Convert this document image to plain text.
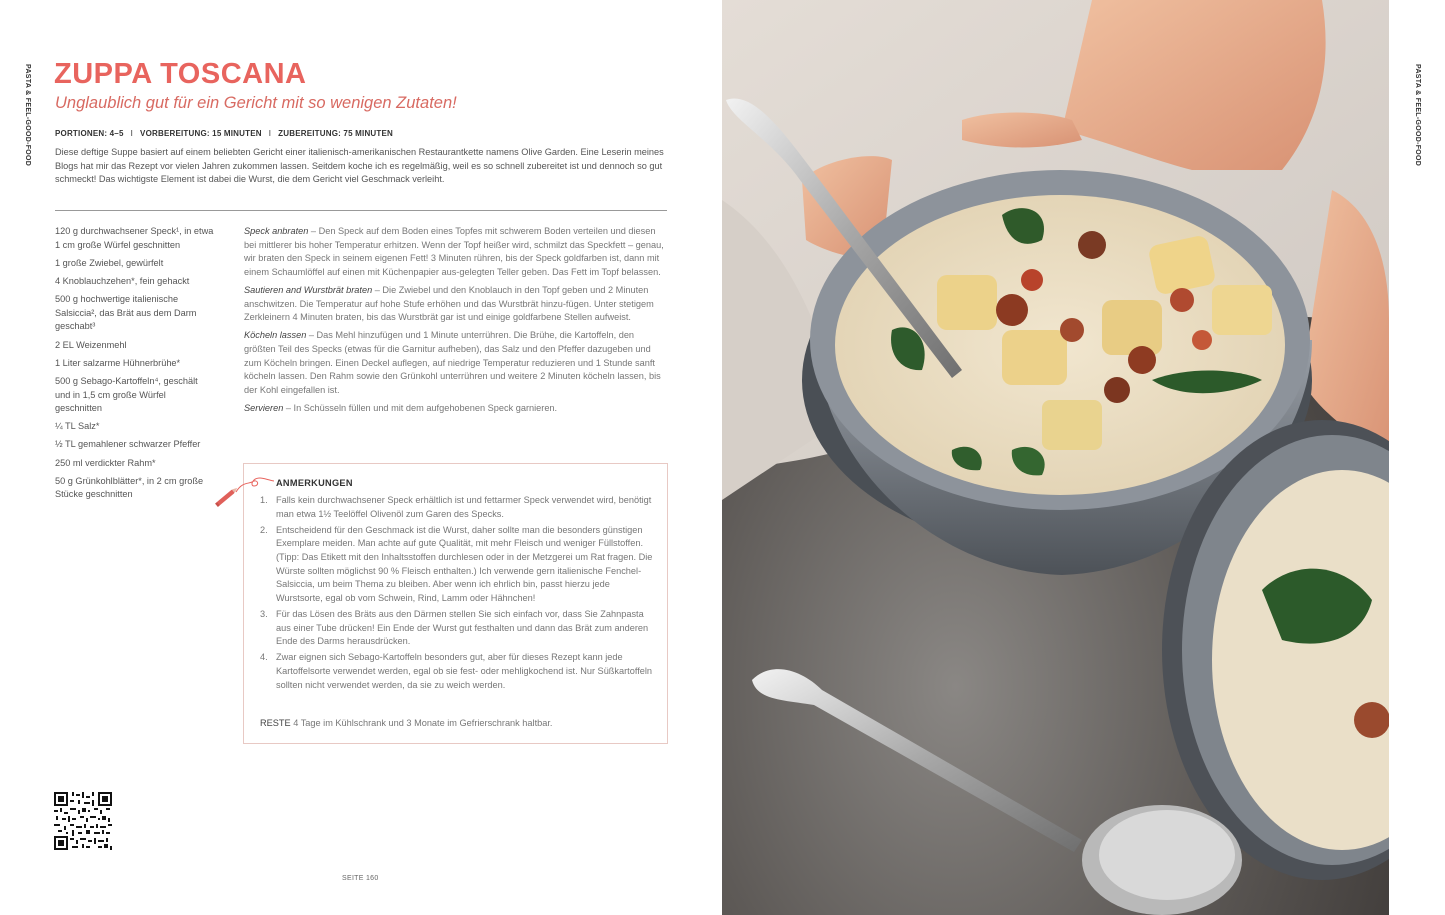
PASTA & FEEL-GOOD-FOOD ZUPPA TOSCANA
Unglaublich gut für ein Gericht mit so wenigen Zutaten!
PORTIONEN: 4–5 I VORBEREITUNG: 15 MINUTEN I ZUBEREITUNG: 75 MINUTEN

Diese deftige Suppe basiert auf einem beliebten Gericht einer italienisch-amerikanischen Restaurantkette namens Olive Garden. Eine Leserin meines Blogs hat mir das Rezept vor vielen Jahren zukommen lassen. Seitdem koche ich es regelmäßig, weil es so schnell zubereitet ist und dennoch so gut schmeckt! Das wichtigste Element ist dabei die Wurst, die dem Gericht viel Geschmack verleiht.

120 g durchwachsener Speck¹, in etwa 1 cm große Würfel geschnitten
1 große Zwiebel, gewürfelt
4 Knoblauchzehen*, fein gehackt
500 g hochwertige italienische Salsiccia², das Brät aus dem Darm geschabt³
2 EL Weizenmehl
1 Liter salzarme Hühnerbrühe*
500 g Sebago-Kartoffeln⁴, geschält und in 1,5 cm große Würfel geschnitten
¼ TL Salz*
½ TL gemahlener schwarzer Pfeffer
250 ml verdickter Rahm*
50 g Grünkohlblätter*, in 2 cm große Stücke geschnitten

Speck anbraten – Den Speck auf dem Boden eines Topfes mit schwerem Boden verteilen und diesen bei mittlerer bis hoher Temperatur erhitzen. Wenn der Topf heißer wird, schmilzt das Speckfett – genau, wir braten den Speck in seinem eigenen Fett! 3 Minuten rühren, bis der Speck goldfarben ist, dann mit einem Schaumlöffel auf einen mit Küchenpapier aus-gelegten Teller geben. Das Fett im Topf belassen.

Sautieren and Wurstbrät braten – Die Zwiebel und den Knoblauch in den Topf geben und 2 Minuten anschwitzen. Die Temperatur auf hohe Stufe erhöhen und das Wurstbrät hinzu-fügen. Unter stetigem Zerkleinern 4 Minuten braten, bis das Wurstbrät gar ist und einige goldfarbene Stellen aufweist.

Köcheln lassen – Das Mehl hinzufügen und 1 Minute unterrühren. Die Brühe, die Kartoffeln, den größten Teil des Specks (etwas für die Garnitur aufheben), das Salz und den Pfeffer dazugeben und zum Köcheln bringen. Einen Deckel auflegen, auf niedrige Temperatur reduzieren und 1 Stunde sanft köcheln lassen. Den Rahm sowie den Grünkohl unterrühren und weitere 2 Minuten köcheln lassen, bis der Kohl eingefallen ist.

Servieren – In Schüsseln füllen und mit dem aufgehobenen Speck garnieren.

ANMERKUNGEN
1. Falls kein durchwachsener Speck erhältlich ist und fettarmer Speck verwendet wird, benötigt man etwa 1½ Teelöffel Olivenöl zum Garen des Specks.
2. Entscheidend für den Geschmack ist die Wurst, daher sollte man die besonders günstigen Exemplare meiden. Man achte auf gute Qualität, mit mehr Fleisch und weniger Füllstoffen. (Tipp: Das Etikett mit den Inhaltsstoffen durchlesen oder in der Metzgerei um Rat fragen. Die Würste sollten möglichst 90 % Fleisch enthalten.) Ich verwende gern italienische Fenchel-Salsiccia, um beim Thema zu bleiben. Aber wenn ich ehrlich bin, passt hierzu jede Wurstsorte, egal ob vom Schwein, Rind, Lamm oder Hähnchen!
3. Für das Lösen des Bräts aus den Därmen stellen Sie sich einfach vor, dass Sie Zahnpasta aus einer Tube drücken! Ein Ende der Wurst gut festhalten und dann das Brät zum anderen Ende des Darms herausdrücken.
4. Zwar eignen sich Sebago-Kartoffeln besonders gut, aber für dieses Rezept kann jede Kartoffelsorte verwendet werden, egal ob sie fest- oder mehligkochend ist. Nur Süßkartoffeln sollten nicht verwendet werden, da sie zu weich werden.
RESTE 4 Tage im Kühlschrank und 3 Monate im Gefrierschrank haltbar.
SEITE 160
PASTA & FEEL-GOOD-FOOD
